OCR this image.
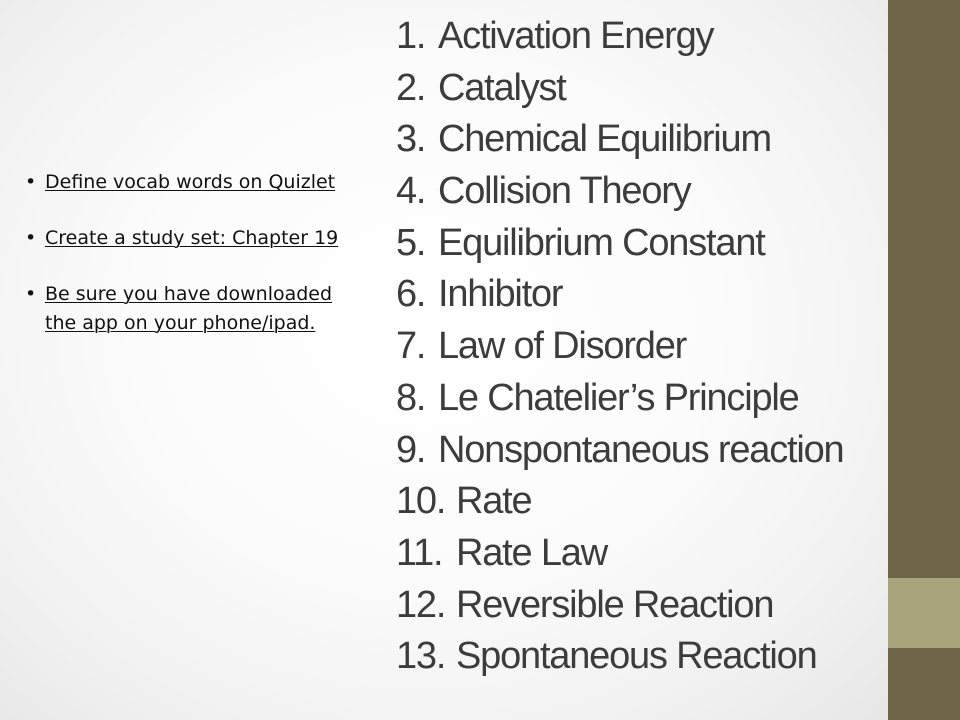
• Define vocab words on Quizlet
• Create a study set: Chapter 19
• Be sure you have downloaded the app on your phone/ipad.
1. Activation Energy
2. Catalyst
3. Chemical Equilibrium
4. Collision Theory
5. Equilibrium Constant
6. Inhibitor
7. Law of Disorder
8. Le Chatelier’s Principle
9. Nonspontaneous reaction
10. Rate
11. Rate Law
12. Reversible Reaction
13. Spontaneous Reaction
